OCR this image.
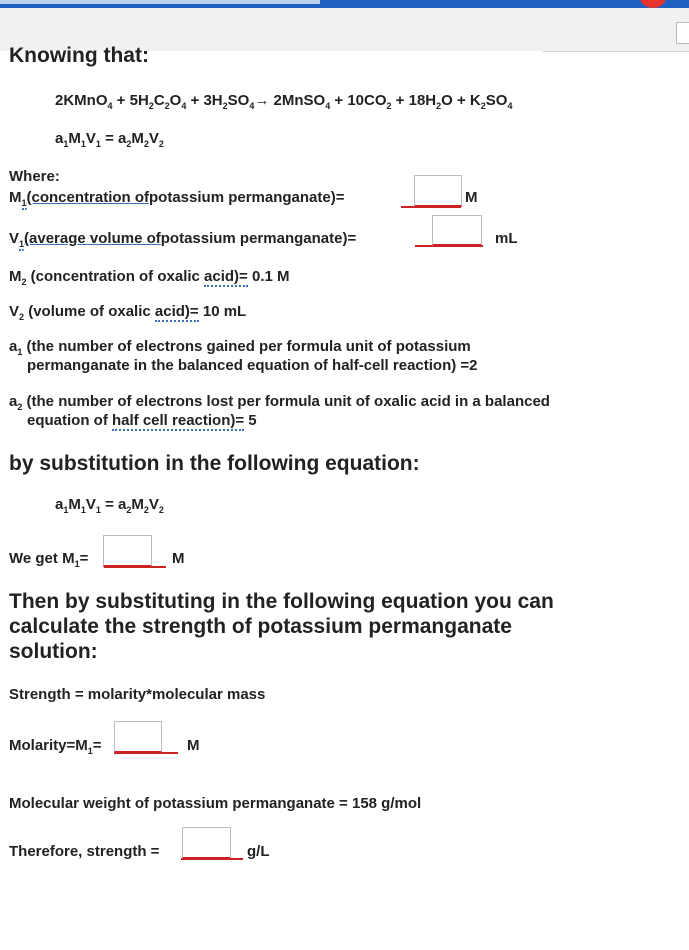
Knowing that:
2KMnO$_4$ + $5H_2C_2O_4 + 3H_2SO_4\to$ 2MnSO$_4$ + $10CO_2 + 18H_2O + K_2SO_4$
$a_1M_1V_1 = a_2M_2V_2$
Where:
$M_1(concentration$ ofpotassium permanganate)=	M
$V_1(average$ volume ofpotassium permanganate)=	mL
$M_2$ (concentration of oxalic acid)= 0.1 M
$V_2$ (volume of oxalic acid)= 10 mL
$a_1$ (the number of electrons gained per formula unit of potassium
permanganate in the balanced equation of half-cell reaction) =2
$a_2$ (the number of electrons lost per formula unit of oxalic acid in a balanced
equation of half cell reaction)= 5
by substitution in the following equation:
$a_1M_1V_1 = a_2M_2V_2$
We get $M_1=$	M
Then by substituting in the following equation you can
calculate the strength of potassium permanganate
solution:
Strength = molarity*molecular mass
$Molarity=M_1=$	M
Molecular weight of potassium permanganate = 158 g/mol
Therefore, strength =	g/L
